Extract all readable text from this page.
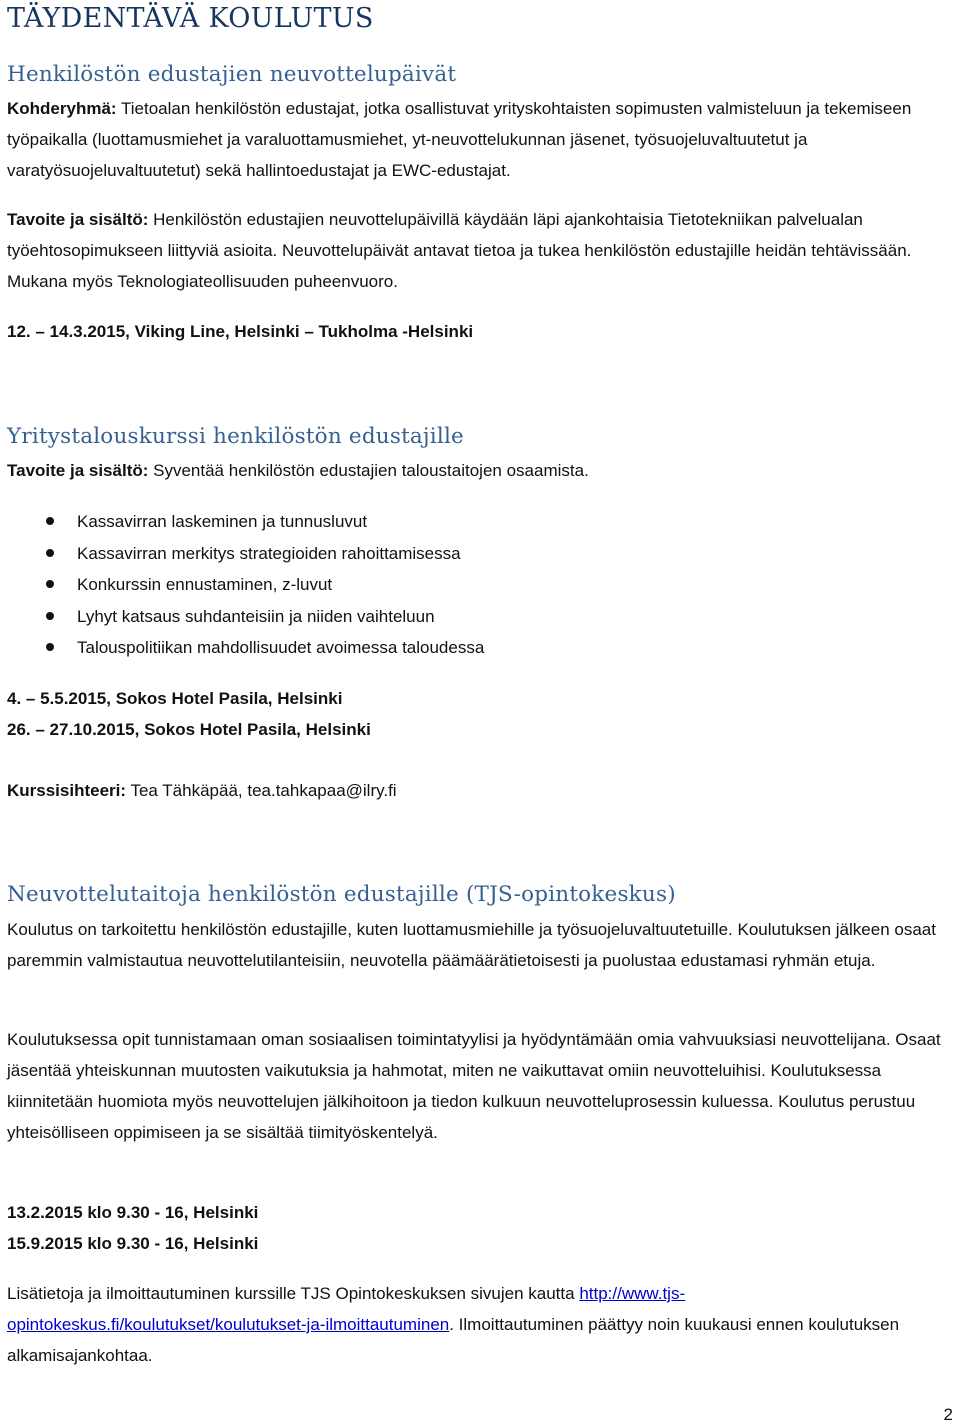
TÄYDENTÄVÄ KOULUTUS
Henkilöstön edustajien neuvottelupäivät

Kohderyhmä: Tietoalan henkilöstön edustajat, jotka osallistuvat yrityskohtaisten sopimusten valmisteluun ja tekemiseen työpaikalla (luottamusmiehet ja varaluottamusmiehet, yt-neuvottelukunnan jäsenet, työsuojeluvaltuutetut ja varatyösuojeluvaltuutetut) sekä hallintoedustajat ja EWC-edustajat.

Tavoite ja sisältö: Henkilöstön edustajien neuvottelupäivillä käydään läpi ajankohtaisia Tietotekniikan palvelualan työehtosopimukseen liittyviä asioita. Neuvottelupäivät antavat tietoa ja tukea henkilöstön edustajille heidän tehtävissään. Mukana myös Teknologiateollisuuden puheenvuoro.

12. – 14.3.2015, Viking Line, Helsinki – Tukholma -Helsinki

Yritystalouskurssi henkilöstön edustajille

Tavoite ja sisältö: Syventää henkilöstön edustajien taloustaitojen osaamista.

Kassavirran laskeminen ja tunnusluvut
Kassavirran merkitys strategioiden rahoittamisessa
Konkurssin ennustaminen, z-luvut
Lyhyt katsaus suhdanteisiin ja niiden vaihteluun
Talouspolitiikan mahdollisuudet avoimessa taloudessa

4. – 5.5.2015, Sokos Hotel Pasila, Helsinki

26. – 27.10.2015, Sokos Hotel Pasila, Helsinki

Kurssisihteeri: Tea Tähkäpää, tea.tahkapaa@ilry.fi

Neuvottelutaitoja henkilöstön edustajille (TJS-opintokeskus)

Koulutus on tarkoitettu henkilöstön edustajille, kuten luottamusmiehille ja työsuojeluvaltuutetuille. Koulutuksen jälkeen osaat paremmin valmistautua neuvottelutilanteisiin, neuvotella päämäärätietoisesti ja puolustaa edustamasi ryhmän etuja.

Koulutuksessa opit tunnistamaan oman sosiaalisen toimintatyylisi ja hyödyntämään omia vahvuuksiasi neuvottelijana. Osaat jäsentää yhteiskunnan muutosten vaikutuksia ja hahmotat, miten ne vaikuttavat omiin neuvotteluihisi. Koulutuksessa kiinnitetään huomiota myös neuvottelujen jälkihoitoon ja tiedon kulkuun neuvotteluprosessin kuluessa. Koulutus perustuu yhteisölliseen oppimiseen ja se sisältää tiimityöskentelyä.

13.2.2015 klo 9.30 - 16, Helsinki

15.9.2015 klo 9.30 - 16, Helsinki

Lisätietoja ja ilmoittautuminen kurssille TJS Opintokeskuksen sivujen kautta http://www.tjs-opintokeskus.fi/koulutukset/koulutukset-ja-ilmoittautuminen. Ilmoittautuminen päättyy noin kuukausi ennen koulutuksen alkamisajankohtaa.

2
